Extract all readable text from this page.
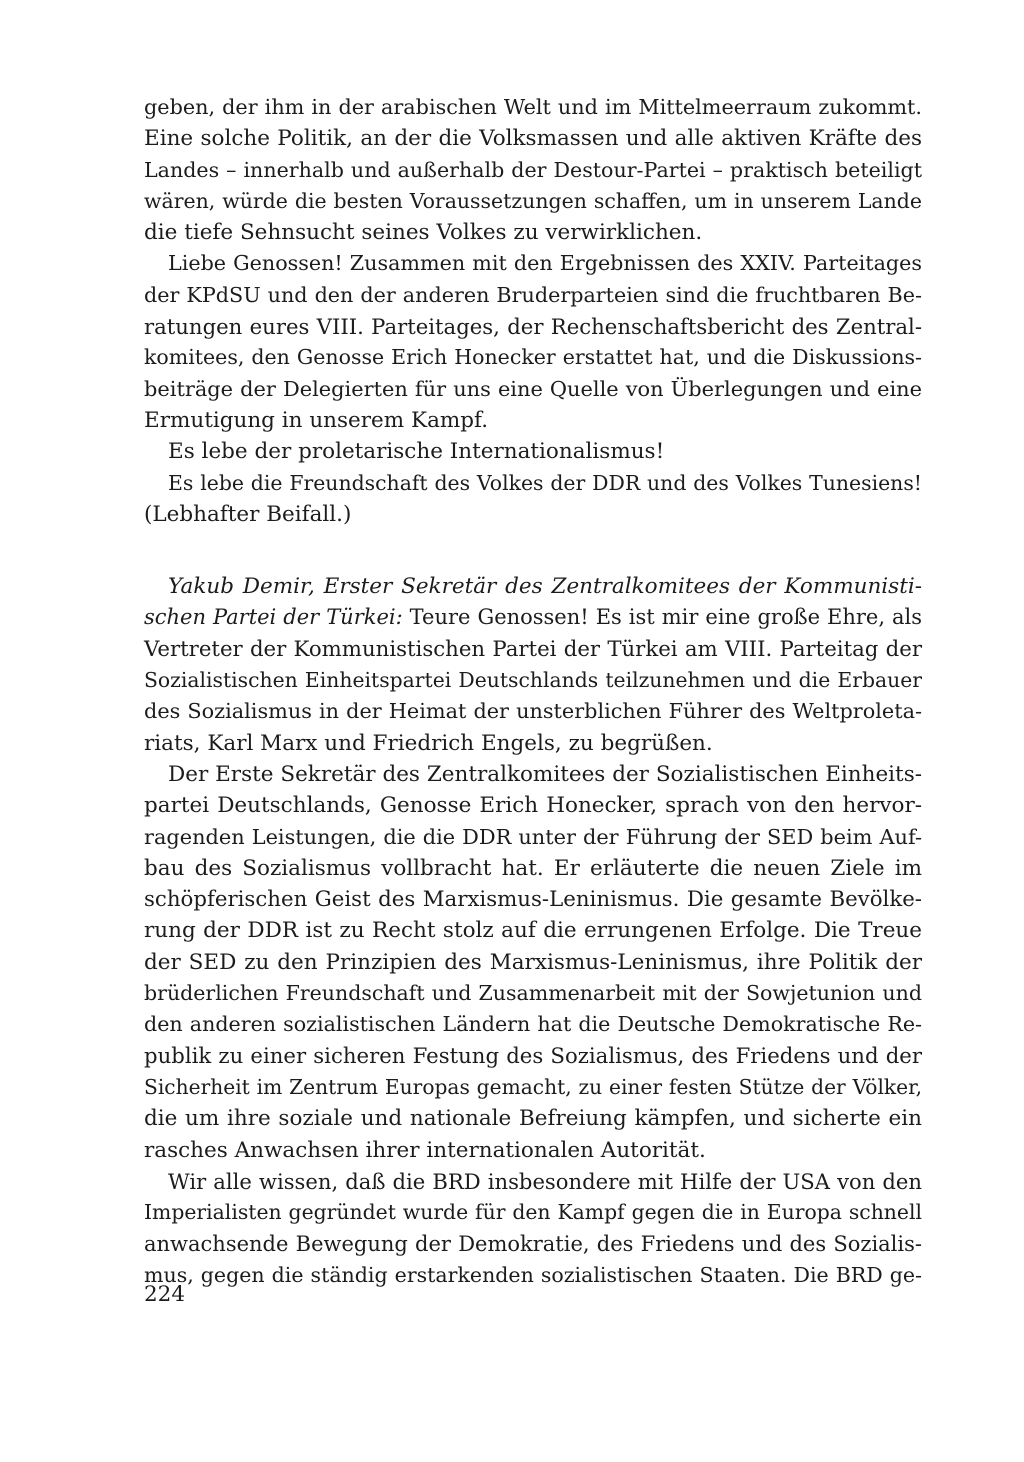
geben, der ihm in der arabischen Welt und im Mittelmeerraum zukommt.
Eine solche Politik, an der die Volksmassen und alle aktiven Kräfte des
Landes – innerhalb und außerhalb der Destour-Partei – praktisch beteiligt
wären, würde die besten Voraussetzungen schaffen, um in unserem Lande
die tiefe Sehnsucht seines Volkes zu verwirklichen.
Liebe Genossen! Zusammen mit den Ergebnissen des XXIV. Parteitages
der KPdSU und den der anderen Bruderparteien sind die fruchtbaren Be-
ratungen eures VIII. Parteitages, der Rechenschaftsbericht des Zentral-
komitees, den Genosse Erich Honecker erstattet hat, und die Diskussions-
beiträge der Delegierten für uns eine Quelle von Überlegungen und eine
Ermutigung in unserem Kampf.
Es lebe der proletarische Internationalismus!
Es lebe die Freundschaft des Volkes der DDR und des Volkes Tunesiens!
(Lebhafter Beifall.)
Yakub Demir, Erster Sekretär des Zentralkomitees der Kommunisti-
schen Partei der Türkei: Teure Genossen! Es ist mir eine große Ehre, als
Vertreter der Kommunistischen Partei der Türkei am VIII. Parteitag der
Sozialistischen Einheitspartei Deutschlands teilzunehmen und die Erbauer
des Sozialismus in der Heimat der unsterblichen Führer des Weltproleta-
riats, Karl Marx und Friedrich Engels, zu begrüßen.
Der Erste Sekretär des Zentralkomitees der Sozialistischen Einheits-
partei Deutschlands, Genosse Erich Honecker, sprach von den hervor-
ragenden Leistungen, die die DDR unter der Führung der SED beim Auf-
bau des Sozialismus vollbracht hat. Er erläuterte die neuen Ziele im
schöpferischen Geist des Marxismus-Leninismus. Die gesamte Bevölke-
rung der DDR ist zu Recht stolz auf die errungenen Erfolge. Die Treue
der SED zu den Prinzipien des Marxismus-Leninismus, ihre Politik der
brüderlichen Freundschaft und Zusammenarbeit mit der Sowjetunion und
den anderen sozialistischen Ländern hat die Deutsche Demokratische Re-
publik zu einer sicheren Festung des Sozialismus, des Friedens und der
Sicherheit im Zentrum Europas gemacht, zu einer festen Stütze der Völker,
die um ihre soziale und nationale Befreiung kämpfen, und sicherte ein
rasches Anwachsen ihrer internationalen Autorität.
Wir alle wissen, daß die BRD insbesondere mit Hilfe der USA von den
Imperialisten gegründet wurde für den Kampf gegen die in Europa schnell
anwachsende Bewegung der Demokratie, des Friedens und des Sozialis-
mus, gegen die ständig erstarkenden sozialistischen Staaten. Die BRD ge-
224
